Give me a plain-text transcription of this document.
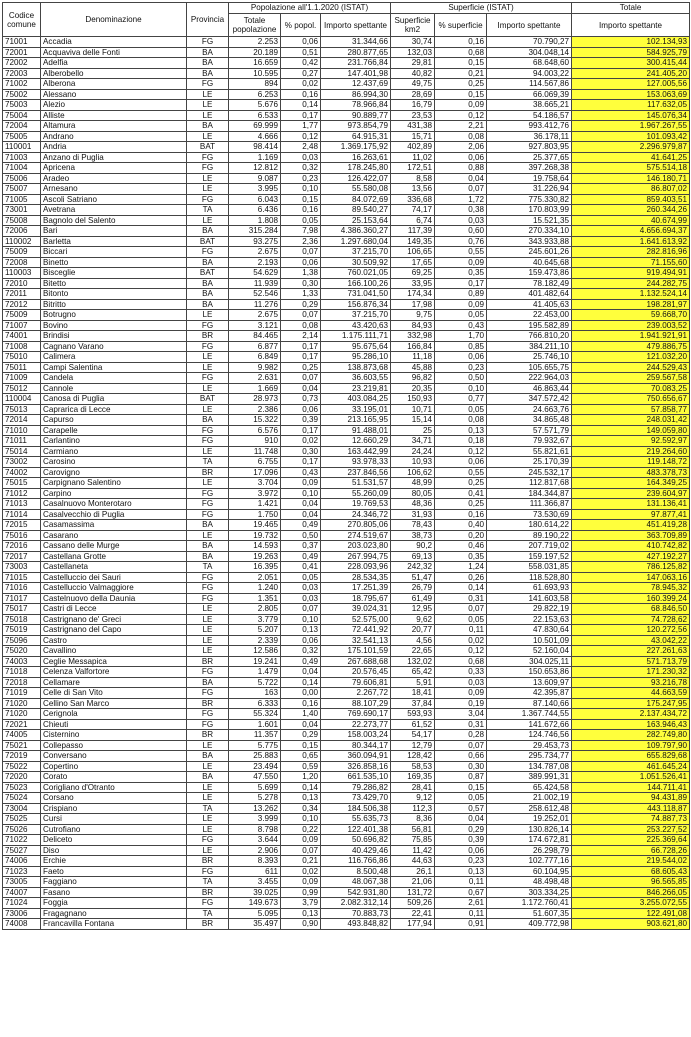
Codice comune	Denominazione	Provincia	Popolazione all'1.1.2020 (ISTAT)			Superficie (ISTAT)			Totale
			Totale popolazione	% popol.	Importo spettante	Superficie km2	% superficie	Importo spettante	Importo spettante
71001	Accadia	FG	2.253	0,06	31.344,66	30,74	0,16	70.790,27	102.134,93
72001	Acquaviva delle Fonti	BA	20.189	0,51	280.877,65	132,03	0,68	304.048,14	584.925,79
72002	Adelfia	BA	16.659	0,42	231.766,84	29,81	0,15	68.648,60	300.415,44
72003	Alberobello	BA	10.595	0,27	147.401,98	40,82	0,21	94.003,22	241.405,20
71002	Alberona	FG	894	0,02	12.437,69	49,75	0,25	114.567,86	127.005,56
75002	Alessano	LE	6.253	0,16	86.994,30	28,69	0,15	66.069,39	153.063,69
75003	Alezio	LE	5.676	0,14	78.966,84	16,79	0,09	38.665,21	117.632,05
75004	Alliste	LE	6.533	0,17	90.889,77	23,53	0,12	54.186,57	145.076,34
72004	Altamura	BA	69.999	1,77	973.854,79	431,38	2,21	993.412,76	1.967.267,55
75005	Andrano	LE	4.666	0,12	64.915,31	15,71	0,08	36.178,11	101.093,42
110001	Andria	BAT	98.414	2,48	1.369.175,92	402,89	2,06	927.803,95	2.296.979,87
71003	Anzano di Puglia	FG	1.169	0,03	16.263,61	11,02	0,06	25.377,65	41.641,25
71004	Apricena	FG	12.812	0,32	178.245,80	172,51	0,88	397.268,38	575.514,18
75006	Aradeo	LE	9.087	0,23	126.422,07	8,58	0,04	19.758,64	146.180,71
75007	Arnesano	LE	3.995	0,10	55.580,08	13,56	0,07	31.226,94	86.807,02
71005	Ascoli Satriano	FG	6.043	0,15	84.072,69	336,68	1,72	775.330,82	859.403,51
73001	Avetrana	TA	6.436	0,16	89.540,27	74,17	0,38	170.803,99	260.344,26
75008	Bagnolo del Salento	LE	1.808	0,05	25.153,64	6,74	0,03	15.521,35	40.674,99
72006	Bari	BA	315.284	7,98	4.386.360,27	117,39	0,60	270.334,10	4.656.694,37
110002	Barletta	BAT	93.275	2,36	1.297.680,04	149,35	0,76	343.933,88	1.641.613,92
75009	Biccari	FG	2.675	0,07	37.215,70	106,65	0,55	245.601,26	282.816,96
72008	Binetto	BA	2.193	0,06	30.509,92	17,65	0,09	40.645,68	71.155,60
110003	Bisceglie	BAT	54.629	1,38	760.021,05	69,25	0,35	159.473,86	919.494,91
72010	Bitetto	BA	11.939	0,30	166.100,26	33,95	0,17	78.182,49	244.282,75
72011	Bitonto	BA	52.546	1,33	731.041,50	174,34	0,89	401.482,64	1.132.524,14
72012	Bitritto	BA	11.276	0,29	156.876,34	17,98	0,09	41.405,63	198.281,97
75009	Botrugno	LE	2.675	0,07	37.215,70	9,75	0,05	22.453,00	59.668,70
71007	Bovino	FG	3.121	0,08	43.420,63	84,93	0,43	195.582,89	239.003,52
74001	Brindisi	BR	84.465	2,14	1.175.111,71	332,98	1,70	766.810,20	1.941.921,91
71008	Cagnano Varano	FG	6.877	0,17	95.675,64	166,84	0,85	384.211,10	479.886,75
75010	Calimera	LE	6.849	0,17	95.286,10	11,18	0,06	25.746,10	121.032,20
75011	Campi Salentina	LE	9.982	0,25	138.873,68	45,88	0,23	105.655,75	244.529,43
71009	Candela	FG	2.631	0,07	36.603,55	96,82	0,50	222.964,03	259.567,58
75012	Cannole	LE	1.669	0,04	23.219,81	20,35	0,10	46.863,44	70.083,25
110004	Canosa di Puglia	BAT	28.973	0,73	403.084,25	150,93	0,77	347.572,42	750.656,67
75013	Caprarica di Lecce	LE	2.386	0,06	33.195,01	10,71	0,05	24.663,76	57.858,77
72014	Capurso	BA	15.322	0,39	213.165,95	15,14	0,08	34.865,48	248.031,42
71010	Carapelle	FG	6.576	0,17	91.488,01	25	0,13	57.571,79	149.059,80
71011	Carlantino	FG	910	0,02	12.660,29	34,71	0,18	79.932,67	92.592,97
75014	Carmiano	LE	11.748	0,30	163.442,99	24,24	0,12	55.821,61	219.264,60
73002	Carosino	TA	6.755	0,17	93.978,33	10,93	0,06	25.170,39	119.148,72
74002	Carovigno	BR	17.096	0,43	237.846,56	106,62	0,55	245.532,17	483.378,73
75015	Carpignano Salentino	LE	3.704	0,09	51.531,57	48,99	0,25	112.817,68	164.349,25
71012	Carpino	FG	3.972	0,10	55.260,09	80,05	0,41	184.344,87	239.604,97
71013	Casalnuovo Monterotaro	FG	1.421	0,04	19.769,53	48,36	0,25	111.366,87	131.136,41
71014	Casalvecchio di Puglia	FG	1.750	0,04	24.346,72	31,93	0,16	73.530,69	97.877,41
72015	Casamassima	BA	19.465	0,49	270.805,06	78,43	0,40	180.614,22	451.419,28
75016	Casarano	LE	19.732	0,50	274.519,67	38,73	0,20	89.190,22	363.709,89
72016	Cassano delle Murge	BA	14.593	0,37	203.023,80	90,2	0,46	207.719,02	410.742,82
72017	Castellana Grotte	BA	19.263	0,49	267.994,75	69,13	0,35	159.197,52	427.192,27
73003	Castellaneta	TA	16.395	0,41	228.093,96	242,32	1,24	558.031,85	786.125,82
71015	Castelluccio dei Sauri	FG	2.051	0,05	28.534,35	51,47	0,26	118.528,80	147.063,16
71016	Castelluccio Valmaggiore	FG	1.240	0,03	17.251,39	26,79	0,14	61.693,93	78.945,32
71017	Castelnuovo della Daunia	FG	1.351	0,03	18.795,67	61,49	0,31	141.603,58	160.399,24
75017	Castri di Lecce	LE	2.805	0,07	39.024,31	12,95	0,07	29.822,19	68.846,50
75018	Castrignano de' Greci	LE	3.779	0,10	52.575,00	9,62	0,05	22.153,63	74.728,62
75019	Castrignano del Capo	LE	5.207	0,13	72.441,92	20,77	0,11	47.830,64	120.272,56
75096	Castro	LE	2.339	0,06	32.541,13	4,56	0,02	10.501,09	43.042,22
75020	Cavallino	LE	12.586	0,32	175.101,59	22,65	0,12	52.160,04	227.261,63
74003	Ceglie Messapica	BR	19.241	0,49	267.688,68	132,02	0,68	304.025,11	571.713,79
71018	Celenza Valfortore	FG	1.479	0,04	20.576,45	65,42	0,33	150.653,86	171.230,32
72018	Cellamare	BA	5.722	0,14	79.606,81	5,91	0,03	13.609,97	93.216,78
71019	Celle di San Vito	FG	163	0,00	2.267,72	18,41	0,09	42.395,87	44.663,59
71020	Cellino San Marco	BR	6.333	0,16	88.107,29	37,84	0,19	87.140,66	175.247,95
71020	Cerignola	FG	55.324	1,40	769.690,17	593,93	3,04	1.367.744,55	2.137.434,72
72021	Chieuti	FG	1.601	0,04	22.273,77	61,52	0,31	141.672,66	163.946,43
74005	Cisternino	BR	11.357	0,29	158.003,24	54,17	0,28	124.746,56	282.749,80
75021	Collepasso	LE	5.775	0,15	80.344,17	12,79	0,07	29.453,73	109.797,90
72019	Conversano	BA	25.883	0,65	360.094,91	128,42	0,66	295.734,77	655.829,68
75022	Copertino	LE	23.494	0,59	326.858,16	58,53	0,30	134.787,08	461.645,24
72020	Corato	BA	47.550	1,20	661.535,10	169,35	0,87	389.991,31	1.051.526,41
75023	Corigliano d'Otranto	LE	5.699	0,14	79.286,82	28,41	0,15	65.424,58	144.711,41
75024	Corsano	LE	5.278	0,13	73.429,70	9,12	0,05	21.002,19	94.431,89
73004	Crispiano	TA	13.262	0,34	184.506,38	112,3	0,57	258.612,48	443.118,87
75025	Cursi	LE	3.999	0,10	55.635,73	8,36	0,04	19.252,01	74.887,73
75026	Cutrofiano	LE	8.798	0,22	122.401,38	56,81	0,29	130.826,14	253.227,52
71022	Deliceto	FG	3.644	0,09	50.696,82	75,85	0,39	174.672,81	225.369,64
75027	Diso	LE	2.906	0,07	40.429,46	11,42	0,06	26.298,79	66.728,26
74006	Erchie	BR	8.393	0,21	116.766,86	44,63	0,23	102.777,16	219.544,02
71023	Faeto	FG	611	0,02	8.500,48	26,1	0,13	60.104,95	68.605,43
73005	Faggiano	TA	3.455	0,09	48.067,38	21,06	0,11	48.498,48	96.565,85
74007	Fasano	BR	39.025	0,99	542.931,80	131,72	0,67	303.334,25	846.266,05
71024	Foggia	FG	149.673	3,79	2.082.312,14	509,26	2,61	1.172.760,41	3.255.072,55
73006	Fragagnano	TA	5.095	0,13	70.883,73	22,41	0,11	51.607,35	122.491,08
74008	Francavilla Fontana	BR	35.497	0,90	493.848,82	177,94	0,91	409.772,98	903.621,80
